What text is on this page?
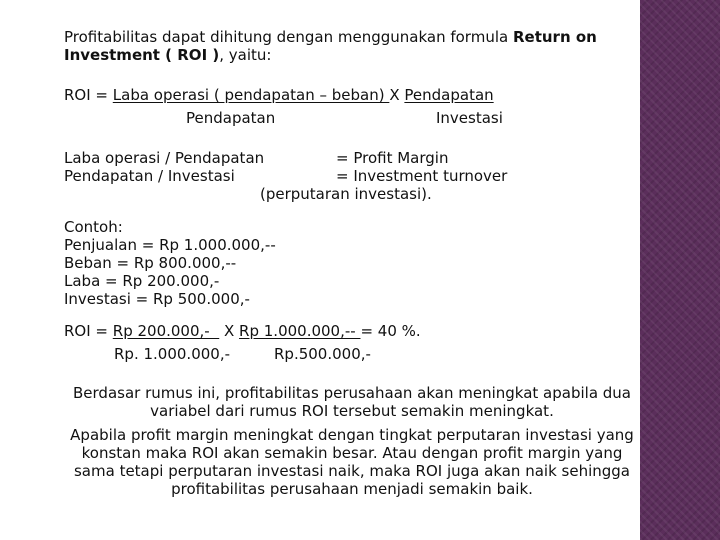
Profitabilitas dapat dihitung dengan menggunakan formula Return on
Investment ( ROI ), yaitu:
ROI = Laba operasi ( pendapatan – beban) X Pendapatan
Pendapatan	Investasi
Laba operasi / Pendapatan	= Profit Margin
Pendapatan / Investasi	= Investment turnover
(perputaran investasi).
Contoh:
Penjualan = Rp 1.000.000,--
Beban = Rp 800.000,--
Laba = Rp 200.000,-
Investasi = Rp 500.000,-
ROI = Rp 200.000,-   X Rp 1.000.000,-- = 40 %.
Rp. 1.000.000,-	Rp.500.000,-
Berdasar rumus ini, profitabilitas perusahaan akan meningkat apabila dua variabel dari rumus ROI tersebut semakin meningkat.
Apabila profit margin meningkat dengan tingkat perputaran investasi yang konstan maka ROI akan semakin besar. Atau dengan profit margin yang sama tetapi perputaran investasi naik, maka ROI juga akan naik sehingga profitabilitas perusahaan menjadi semakin baik.
